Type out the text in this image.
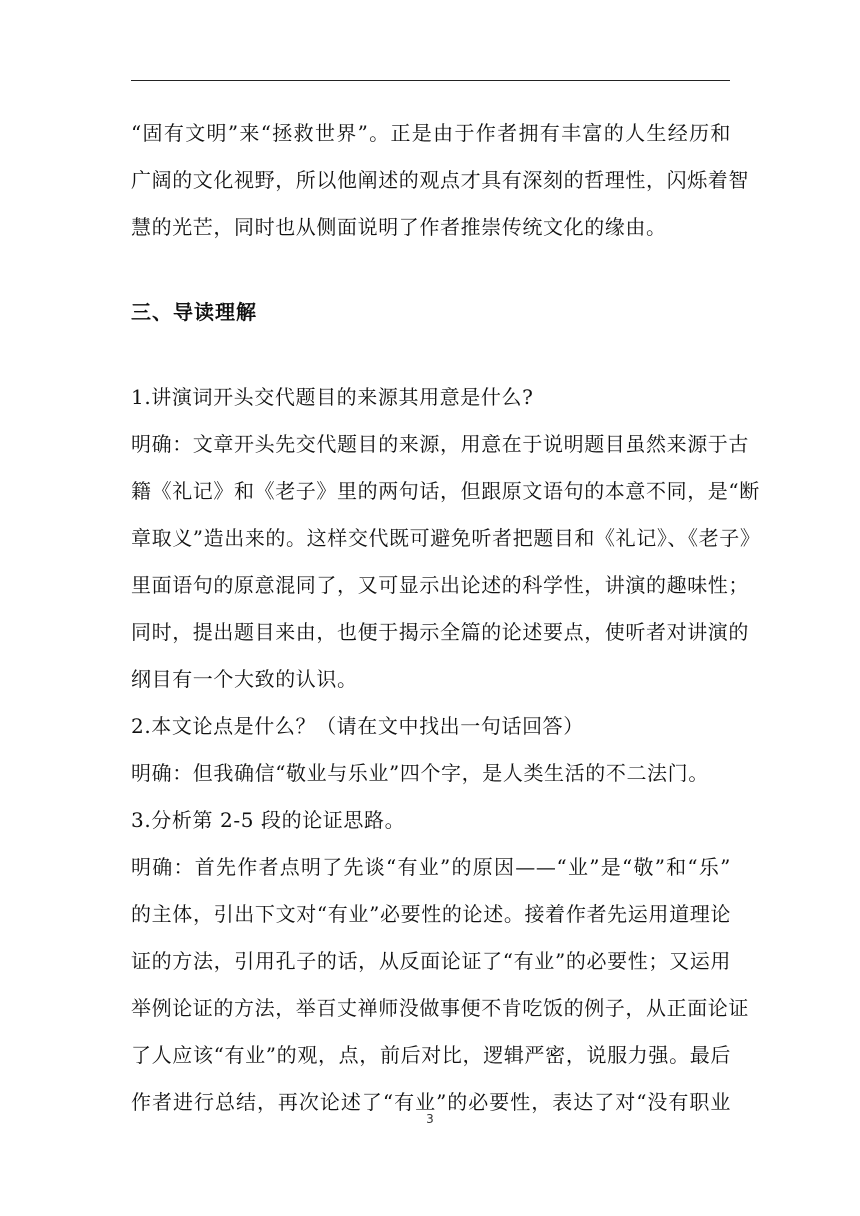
“固有文明”来“拯救世界”。正是由于作者拥有丰富的人生经历和
广阔的文化视野，所以他阐述的观点才具有深刻的哲理性，闪烁着智
慧的光芒，同时也从侧面说明了作者推崇传统文化的缘由。
三、导读理解
1.讲演词开头交代题目的来源其用意是什么?
明确：文章开头先交代题目的来源，用意在于说明题目虽然来源于古
籍《礼记》和《老子》里的两句话，但跟原文语句的本意不同，是“断
章取义”造出来的。这样交代既可避免听者把题目和《礼记》、《老子》
里面语句的原意混同了，又可显示出论述的科学性，讲演的趣味性；
同时，提出题目来由，也便于揭示全篇的论述要点，使听者对讲演的
纲目有一个大致的认识。
2.本文论点是什么？（请在文中找出一句话回答）
明确：但我确信“敬业与乐业”四个字，是人类生活的不二法门。
3.分析第 2-5 段的论证思路。
明确：首先作者点明了先谈“有业”的原因——“业”是“敬”和“乐”
的主体，引出下文对“有业”必要性的论述。接着作者先运用道理论
证的方法，引用孔子的话，从反面论证了“有业”的必要性；又运用
举例论证的方法，举百丈禅师没做事便不肯吃饭的例子，从正面论证
了人应该“有业”的观，点，前后对比，逻辑严密，说服力强。最后
作者进行总结，再次论述了“有业”的必要性，表达了对“没有职业
3
